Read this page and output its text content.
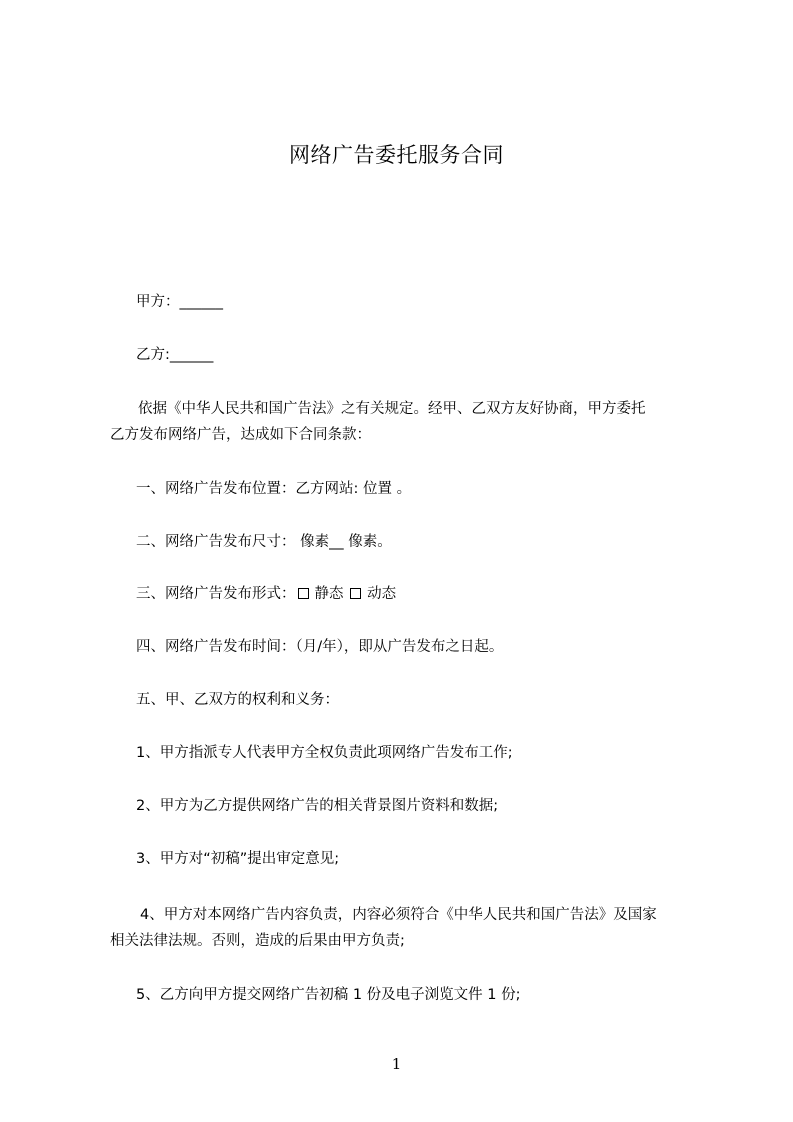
网络广告委托服务合同
甲方：______
乙方:______
依据《中华人民共和国广告法》之有关规定。经甲、乙双方友好协商，甲方委托
乙方发布网络广告，达成如下合同条款：
一、网络广告发布位置：乙方网站: 位置 。
二、网络广告发布尺寸： 像素__ 像素。
三、网络广告发布形式： 静态 动态
四、网络广告发布时间：（月/年），即从广告发布之日起。
五、甲、乙双方的权利和义务：
1、甲方指派专人代表甲方全权负责此项网络广告发布工作;
2、甲方为乙方提供网络广告的相关背景图片资料和数据;
3、甲方对“初稿”提出审定意见;
4、甲方对本网络广告内容负责，内容必须符合《中华人民共和国广告法》及国家
相关法律法规。否则，造成的后果由甲方负责;
5、乙方向甲方提交网络广告初稿 1 份及电子浏览文件 1 份;
1
